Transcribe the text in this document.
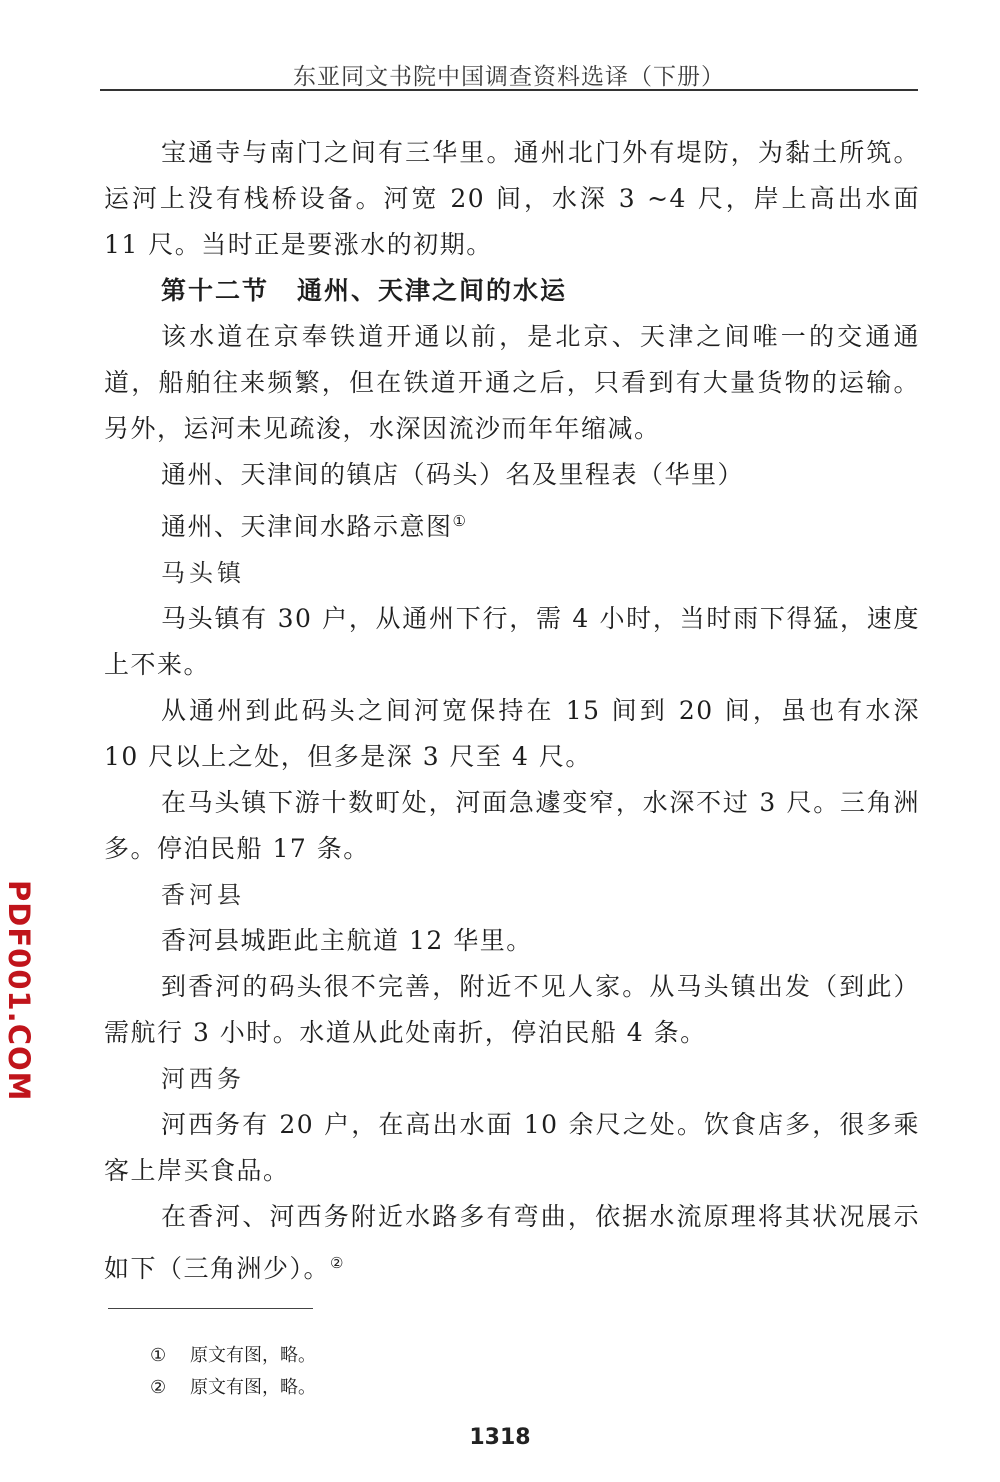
东亚同文书院中国调查资料选译（下册）

宝通寺与南门之间有三华里。通州北门外有堤防，为黏土所筑。运河上没有栈桥设备。河宽 20 间，水深 3 ~4 尺，岸上高出水面 11 尺。当时正是要涨水的初期。

第十二节 通州、天津之间的水运

该水道在京奉铁道开通以前，是北京、天津之间唯一的交通通道，船舶往来频繁，但在铁道开通之后，只看到有大量货物的运输。另外，运河未见疏浚，水深因流沙而年年缩减。

通州、天津间的镇店（码头）名及里程表（华里）

通州、天津间水路示意图①

马头镇

马头镇有 30 户，从通州下行，需 4 小时，当时雨下得猛，速度上不来。

从通州到此码头之间河宽保持在 15 间到 20 间，虽也有水深 10 尺以上之处，但多是深 3 尺至 4 尺。

在马头镇下游十数町处，河面急遽变窄，水深不过 3 尺。三角洲多。停泊民船 17 条。

香河县

香河县城距此主航道 12 华里。

到香河的码头很不完善，附近不见人家。从马头镇出发（到此）需航行 3 小时。水道从此处南折，停泊民船 4 条。

河西务

河西务有 20 户，在高出水面 10 余尺之处。饮食店多，很多乘客上岸买食品。

在香河、河西务附近水路多有弯曲，依据水流原理将其状况展示如下（三角洲少）。②

① 原文有图，略。
② 原文有图，略。
1318
PDF001.COM
